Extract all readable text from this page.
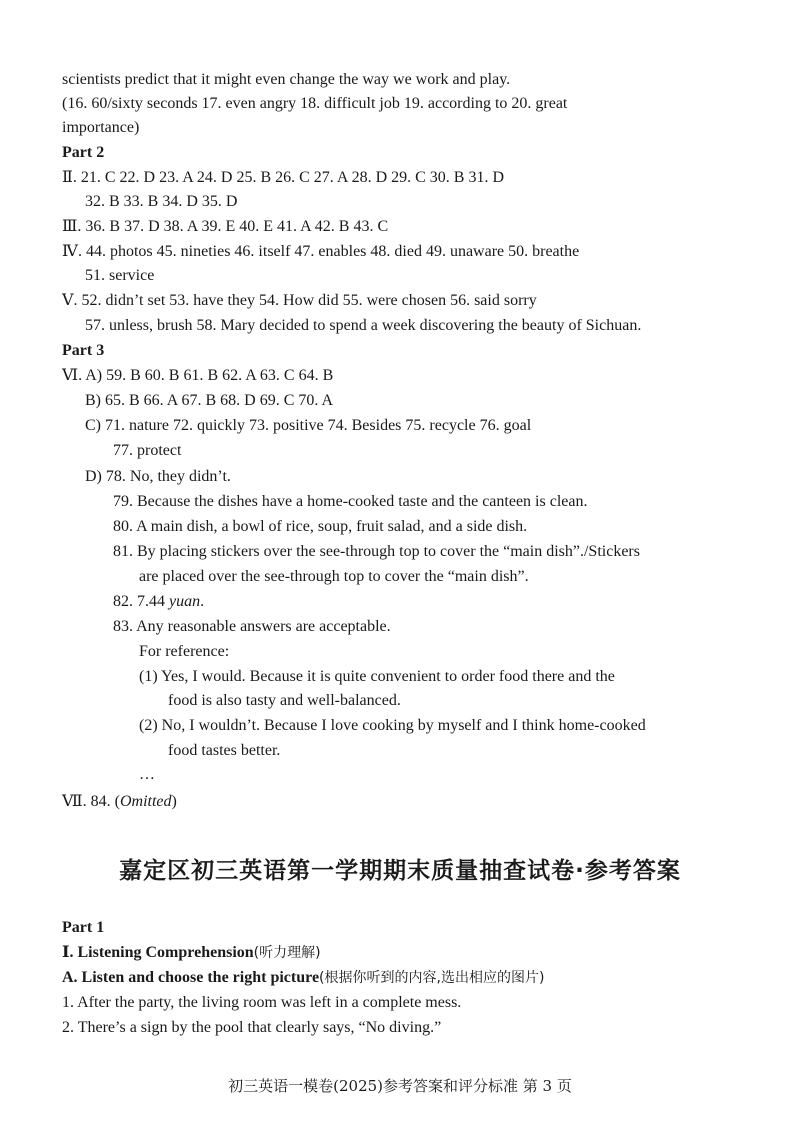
scientists predict that it might even change the way we work and play.
(16. 60/sixty seconds 17. even angry 18. difficult job 19. according to 20. great
importance)
Part 2
Ⅱ. 21. C 22. D 23. A 24. D 25. B 26. C 27. A 28. D 29. C 30. B 31. D
32. B 33. B 34. D 35. D
Ⅲ. 36. B 37. D 38. A 39. E 40. E 41. A 42. B 43. C
Ⅳ. 44. photos 45. nineties 46. itself 47. enables 48. died 49. unaware 50. breathe
51. service
Ⅴ. 52. didn’t set 53. have they 54. How did 55. were chosen 56. said sorry
57. unless, brush 58. Mary decided to spend a week discovering the beauty of Sichuan.
Part 3
Ⅵ. A) 59. B 60. B 61. B 62. A 63. C 64. B
B) 65. B 66. A 67. B 68. D 69. C 70. A
C) 71. nature 72. quickly 73. positive 74. Besides 75. recycle 76. goal
77. protect
D) 78. No, they didn’t.
79. Because the dishes have a home-cooked taste and the canteen is clean.
80. A main dish, a bowl of rice, soup, fruit salad, and a side dish.
81. By placing stickers over the see-through top to cover the “main dish”./Stickers
are placed over the see-through top to cover the “main dish”.
82. 7.44 yuan.
83. Any reasonable answers are acceptable.
For reference:
(1) Yes, I would. Because it is quite convenient to order food there and the
food is also tasty and well-balanced.
(2) No, I wouldn’t. Because I love cooking by myself and I think home-cooked
food tastes better.
…
Ⅶ. 84. (Omitted)
嘉定区初三英语第一学期期末质量抽查试卷·参考答案
Part 1
Ⅰ. Listening Comprehension(听力理解)
A. Listen and choose the right picture(根据你听到的内容,选出相应的图片)
1. After the party, the living room was left in a complete mess.
2. There’s a sign by the pool that clearly says, “No diving.”
初三英语一模卷(2025)参考答案和评分标准 第 3 页
